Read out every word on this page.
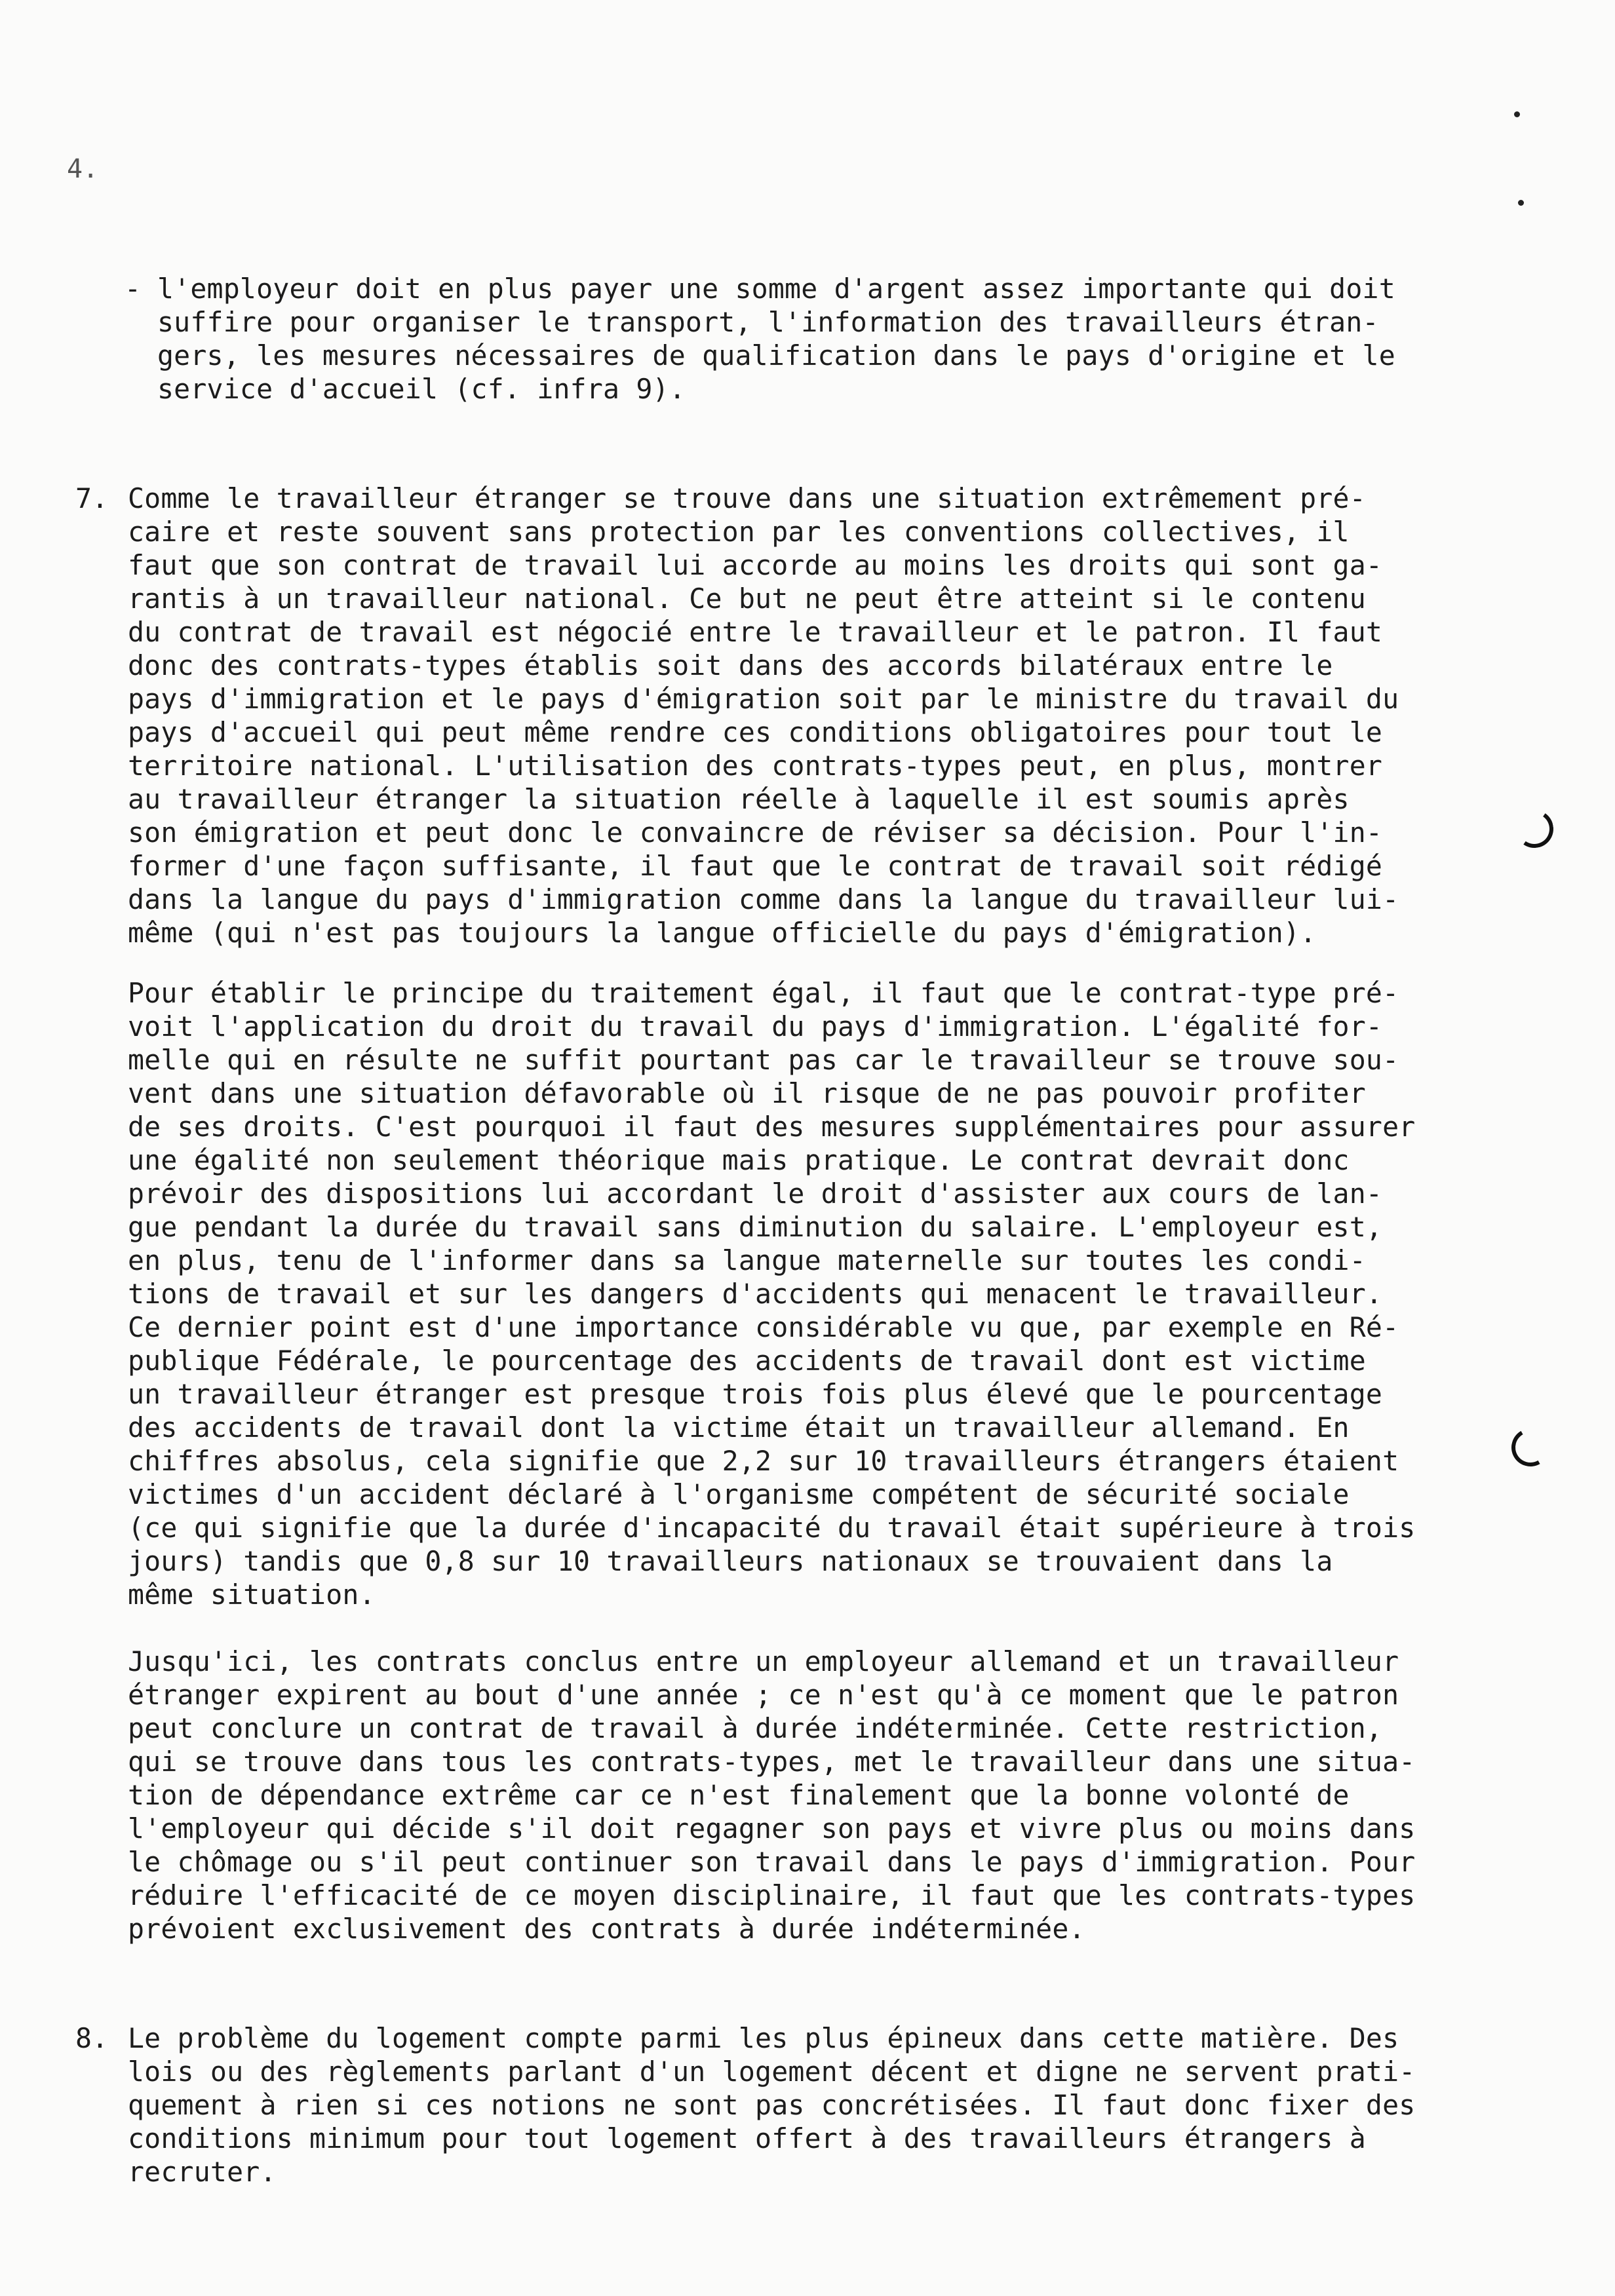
4.
- l'employeur doit en plus payer une somme d'argent assez importante qui doit
suffire pour organiser le transport, l'information des travailleurs étran-
gers, les mesures nécessaires de qualification dans le pays d'origine et le
service d'accueil (cf. infra 9).
7. Comme le travailleur étranger se trouve dans une situation extrêmement pré-
caire et reste souvent sans protection par les conventions collectives, il
faut que son contrat de travail lui accorde au moins les droits qui sont ga-
rantis à un travailleur national. Ce but ne peut être atteint si le contenu
du contrat de travail est négocié entre le travailleur et le patron. Il faut
donc des contrats-types établis soit dans des accords bilatéraux entre le
pays d'immigration et le pays d'émigration soit par le ministre du travail du
pays d'accueil qui peut même rendre ces conditions obligatoires pour tout le
territoire national. L'utilisation des contrats-types peut, en plus, montrer
au travailleur étranger la situation réelle à laquelle il est soumis après
son émigration et peut donc le convaincre de réviser sa décision. Pour l'in-
former d'une façon suffisante, il faut que le contrat de travail soit rédigé
dans la langue du pays d'immigration comme dans la langue du travailleur lui-
même (qui n'est pas toujours la langue officielle du pays d'émigration).
Pour établir le principe du traitement égal, il faut que le contrat-type pré-
voit l'application du droit du travail du pays d'immigration. L'égalité for-
melle qui en résulte ne suffit pourtant pas car le travailleur se trouve sou-
vent dans une situation défavorable où il risque de ne pas pouvoir profiter
de ses droits. C'est pourquoi il faut des mesures supplémentaires pour assurer
une égalité non seulement théorique mais pratique. Le contrat devrait donc
prévoir des dispositions lui accordant le droit d'assister aux cours de lan-
gue pendant la durée du travail sans diminution du salaire. L'employeur est,
en plus, tenu de l'informer dans sa langue maternelle sur toutes les condi-
tions de travail et sur les dangers d'accidents qui menacent le travailleur.
Ce dernier point est d'une importance considérable vu que, par exemple en Ré-
publique Fédérale, le pourcentage des accidents de travail dont est victime
un travailleur étranger est presque trois fois plus élevé que le pourcentage
des accidents de travail dont la victime était un travailleur allemand. En
chiffres absolus, cela signifie que 2,2 sur 10 travailleurs étrangers étaient
victimes d'un accident déclaré à l'organisme compétent de sécurité sociale
(ce qui signifie que la durée d'incapacité du travail était supérieure à trois
jours) tandis que 0,8 sur 10 travailleurs nationaux se trouvaient dans la
même situation.
Jusqu'ici, les contrats conclus entre un employeur allemand et un travailleur
étranger expirent au bout d'une année ; ce n'est qu'à ce moment que le patron
peut conclure un contrat de travail à durée indéterminée. Cette restriction,
qui se trouve dans tous les contrats-types, met le travailleur dans une situa-
tion de dépendance extrême car ce n'est finalement que la bonne volonté de
l'employeur qui décide s'il doit regagner son pays et vivre plus ou moins dans
le chômage ou s'il peut continuer son travail dans le pays d'immigration. Pour
réduire l'efficacité de ce moyen disciplinaire, il faut que les contrats-types
prévoient exclusivement des contrats à durée indéterminée.
8. Le problème du logement compte parmi les plus épineux dans cette matière. Des
lois ou des règlements parlant d'un logement décent et digne ne servent prati-
quement à rien si ces notions ne sont pas concrétisées. Il faut donc fixer des
conditions minimum pour tout logement offert à des travailleurs étrangers à
recruter.
